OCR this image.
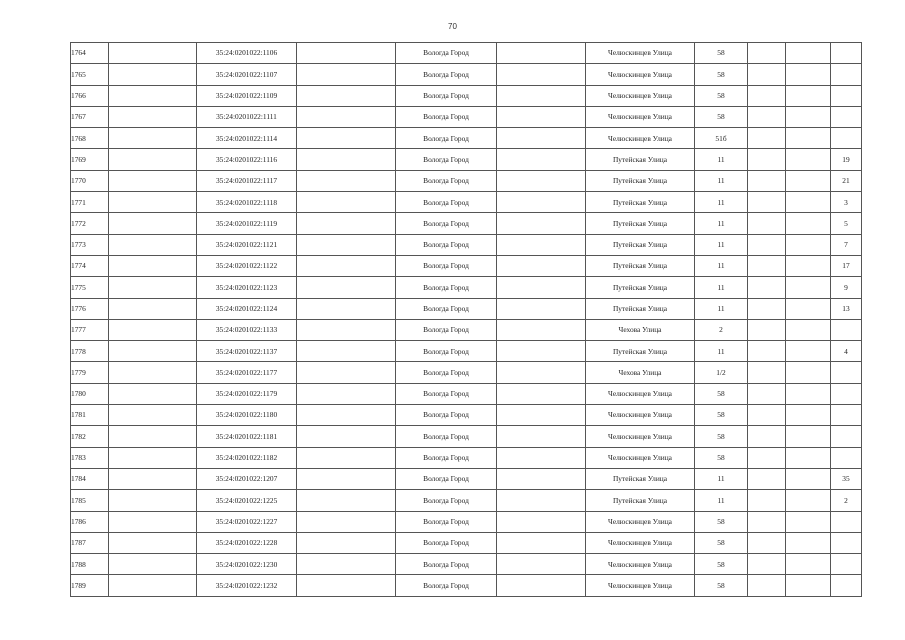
70
1764		35:24:0201022:1106		Вологда Город		Челюскинцев Улица	58			
1765		35:24:0201022:1107		Вологда Город		Челюскинцев Улица	58			
1766		35:24:0201022:1109		Вологда Город		Челюскинцев Улица	58			
1767		35:24:0201022:1111		Вологда Город		Челюскинцев Улица	58			
1768		35:24:0201022:1114		Вологда Город		Челюскинцев Улица	51б			
1769		35:24:0201022:1116		Вологда Город		Путейская Улица	11			19
1770		35:24:0201022:1117		Вологда Город		Путейская Улица	11			21
1771		35:24:0201022:1118		Вологда Город		Путейская Улица	11			3
1772		35:24:0201022:1119		Вологда Город		Путейская Улица	11			5
1773		35:24:0201022:1121		Вологда Город		Путейская Улица	11			7
1774		35:24:0201022:1122		Вологда Город		Путейская Улица	11			17
1775		35:24:0201022:1123		Вологда Город		Путейская Улица	11			9
1776		35:24:0201022:1124		Вологда Город		Путейская Улица	11			13
1777		35:24:0201022:1133		Вологда Город		Чехова Улица	2			
1778		35:24:0201022:1137		Вологда Город		Путейская Улица	11			4
1779		35:24:0201022:1177		Вологда Город		Чехова Улица	1/2			
1780		35:24:0201022:1179		Вологда Город		Челюскинцев Улица	58			
1781		35:24:0201022:1180		Вологда Город		Челюскинцев Улица	58			
1782		35:24:0201022:1181		Вологда Город		Челюскинцев Улица	58			
1783		35:24:0201022:1182		Вологда Город		Челюскинцев Улица	58			
1784		35:24:0201022:1207		Вологда Город		Путейская Улица	11			35
1785		35:24:0201022:1225		Вологда Город		Путейская Улица	11			2
1786		35:24:0201022:1227		Вологда Город		Челюскинцев Улица	58			
1787		35:24:0201022:1228		Вологда Город		Челюскинцев Улица	58			
1788		35:24:0201022:1230		Вологда Город		Челюскинцев Улица	58			
1789		35:24:0201022:1232		Вологда Город		Челюскинцев Улица	58			
